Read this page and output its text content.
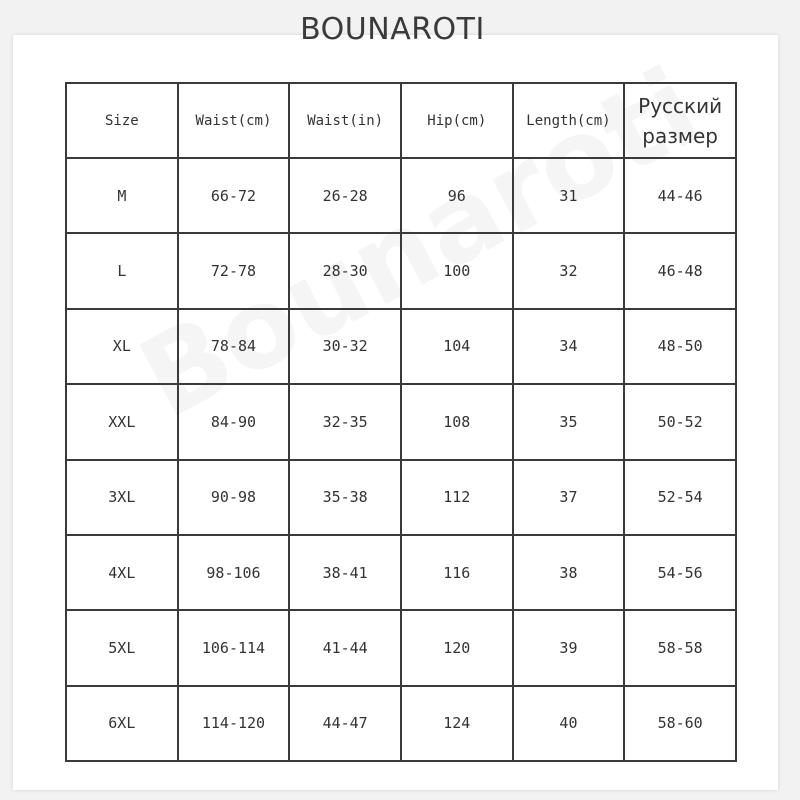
BOUNAROTI
Size	Waist(cm)	Waist(in)	Hip(cm)	Length(cm)	Русский
размер
M	66-72	26-28	96	31	44-46
L	72-78	28-30	100	32	46-48
XL	78-84	30-32	104	34	48-50
XXL	84-90	32-35	108	35	50-52
3XL	90-98	35-38	112	37	52-54
4XL	98-106	38-41	116	38	54-56
5XL	106-114	41-44	120	39	58-58
6XL	114-120	44-47	124	40	58-60
